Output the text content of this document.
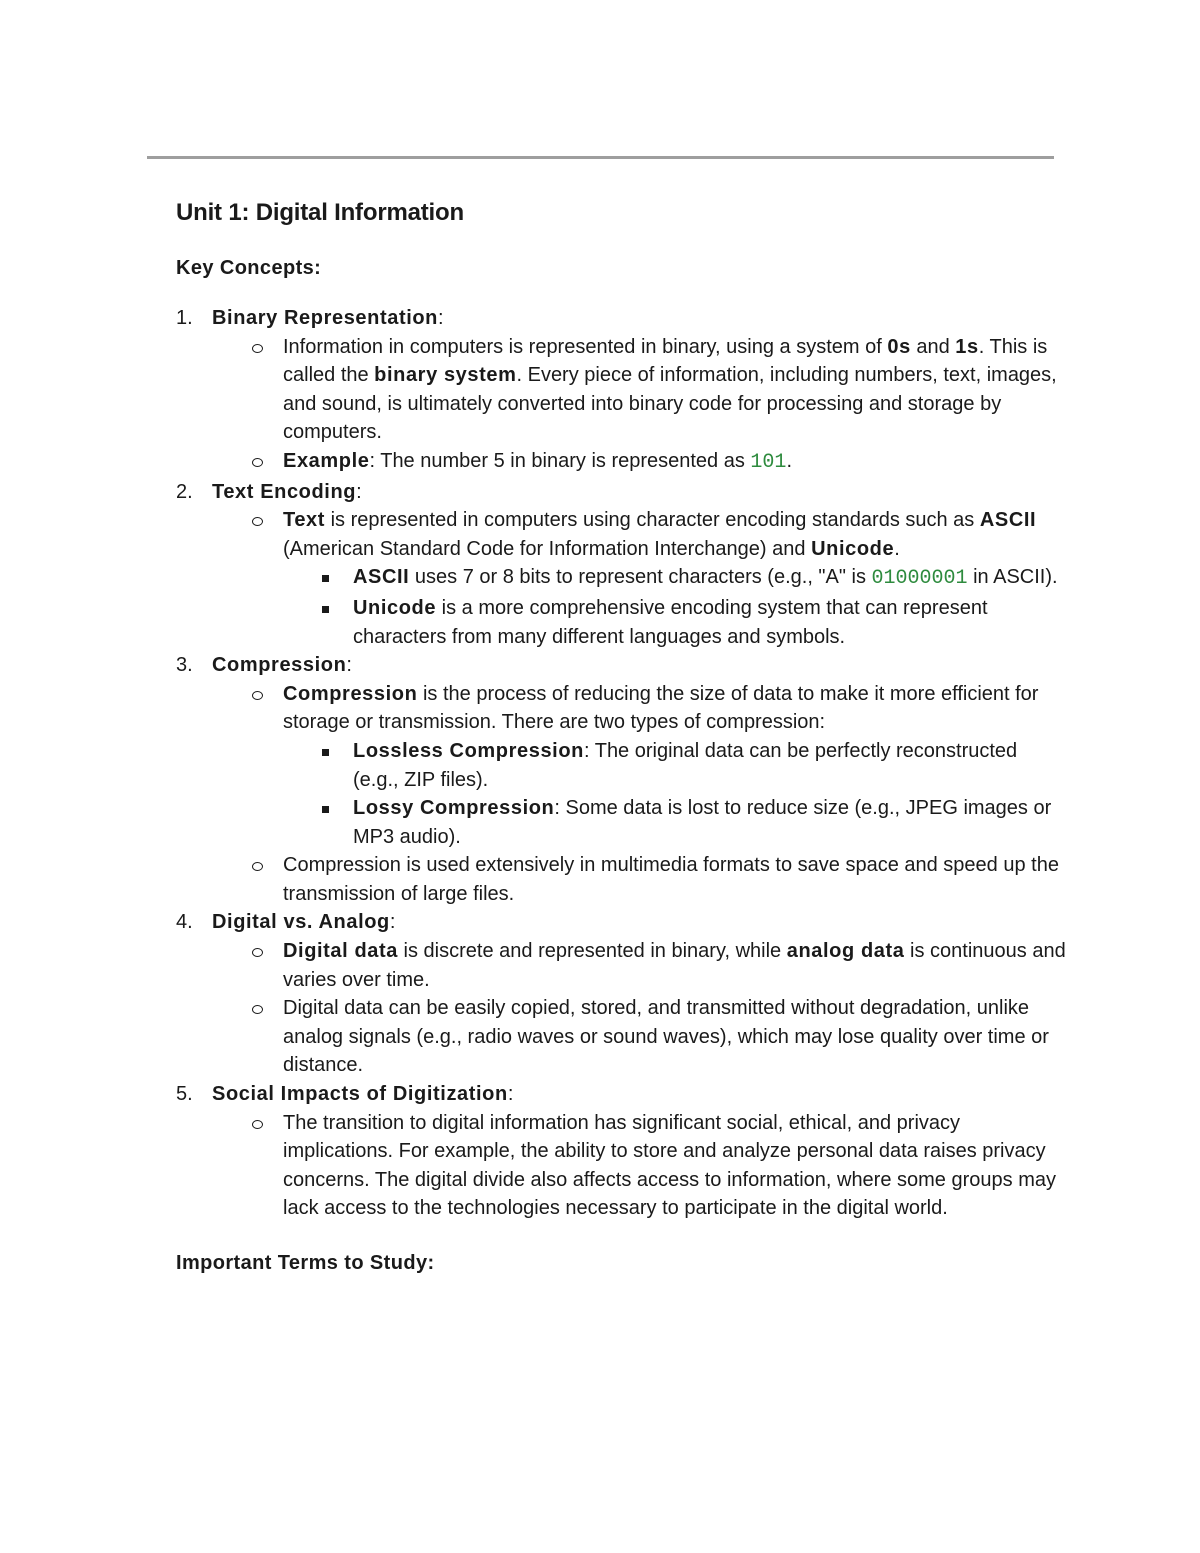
Unit 1: Digital Information
Key Concepts:
1. Binary Representation:
Information in computers is represented in binary, using a system of 0s and 1s. This is called the binary system. Every piece of information, including numbers, text, images, and sound, is ultimately converted into binary code for processing and storage by computers.
Example: The number 5 in binary is represented as 101.
2. Text Encoding:
Text is represented in computers using character encoding standards such as ASCII (American Standard Code for Information Interchange) and Unicode.
ASCII uses 7 or 8 bits to represent characters (e.g., "A" is 01000001 in ASCII).
Unicode is a more comprehensive encoding system that can represent characters from many different languages and symbols.
3. Compression:
Compression is the process of reducing the size of data to make it more efficient for storage or transmission. There are two types of compression:
Lossless Compression: The original data can be perfectly reconstructed (e.g., ZIP files).
Lossy Compression: Some data is lost to reduce size (e.g., JPEG images or MP3 audio).
Compression is used extensively in multimedia formats to save space and speed up the transmission of large files.
4. Digital vs. Analog:
Digital data is discrete and represented in binary, while analog data is continuous and varies over time.
Digital data can be easily copied, stored, and transmitted without degradation, unlike analog signals (e.g., radio waves or sound waves), which may lose quality over time or distance.
5. Social Impacts of Digitization:
The transition to digital information has significant social, ethical, and privacy implications. For example, the ability to store and analyze personal data raises privacy concerns. The digital divide also affects access to information, where some groups may lack access to the technologies necessary to participate in the digital world.
Important Terms to Study:
